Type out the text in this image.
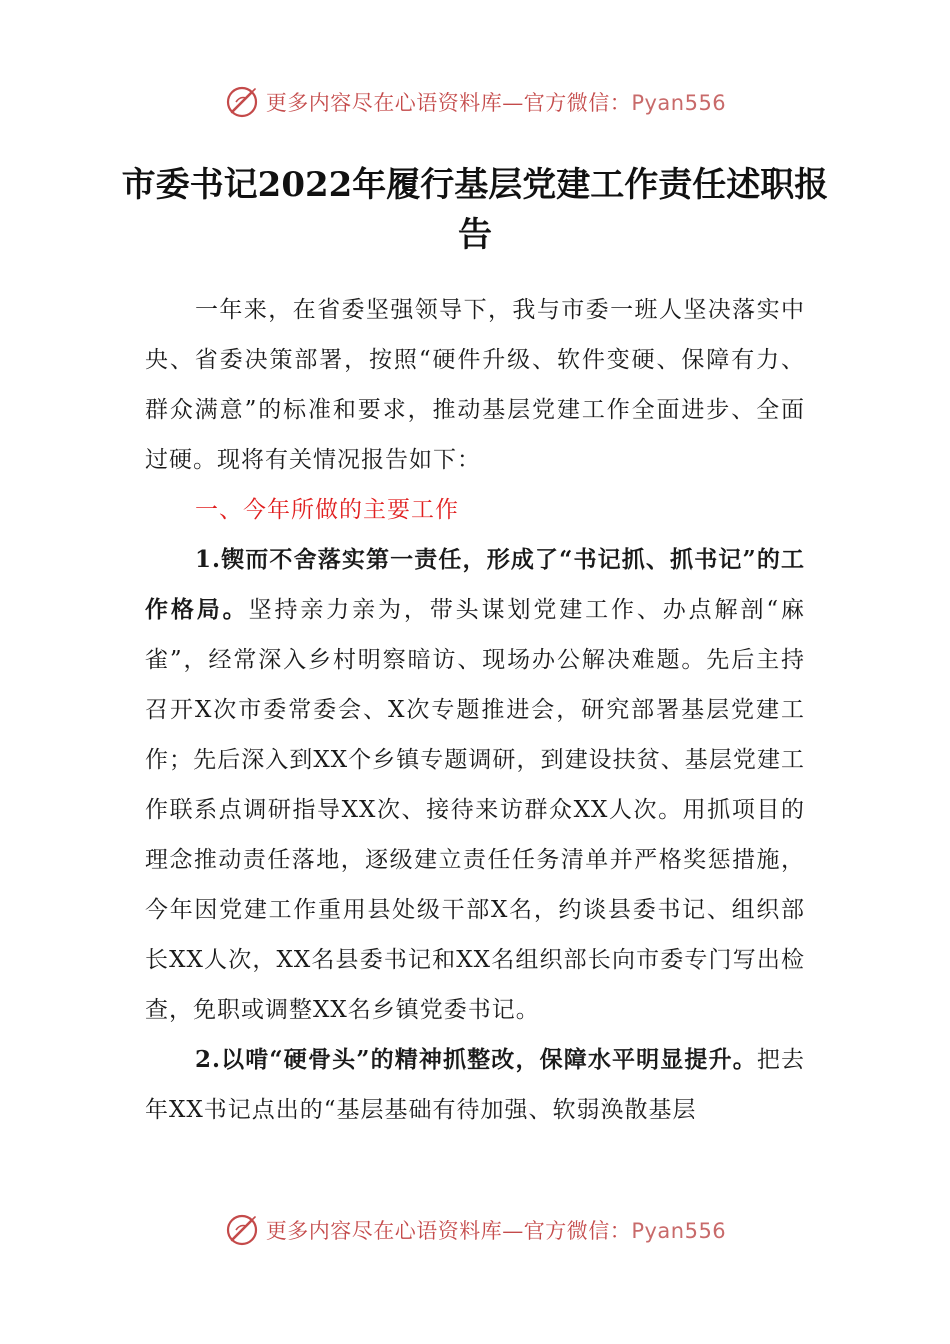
更多内容尽在心语资料库—官方微信：Pyan556
市委书记2022年履行基层党建工作责任述职报告

一年来，在省委坚强领导下，我与市委一班人坚决落实中央、省委决策部署，按照“硬件升级、软件变硬、保障有力、群众满意”的标准和要求，推动基层党建工作全面进步、全面过硬。现将有关情况报告如下：

一、今年所做的主要工作

1.锲而不舍落实第一责任，形成了“书记抓、抓书记”的工作格局。坚持亲力亲为，带头谋划党建工作、办点解剖“麻雀”，经常深入乡村明察暗访、现场办公解决难题。先后主持召开X次市委常委会、X次专题推进会，研究部署基层党建工作；先后深入到XX个乡镇专题调研，到建设扶贫、基层党建工作联系点调研指导XX次、接待来访群众XX人次。用抓项目的理念推动责任落地，逐级建立责任任务清单并严格奖惩措施，今年因党建工作重用县处级干部X名，约谈县委书记、组织部长XX人次，XX名县委书记和XX名组织部长向市委专门写出检查，免职或调整XX名乡镇党委书记。

2.以啃“硬骨头”的精神抓整改，保障水平明显提升。把去年XX书记点出的“基层基础有待加强、软弱涣散基层

更多内容尽在心语资料库—官方微信：Pyan556
